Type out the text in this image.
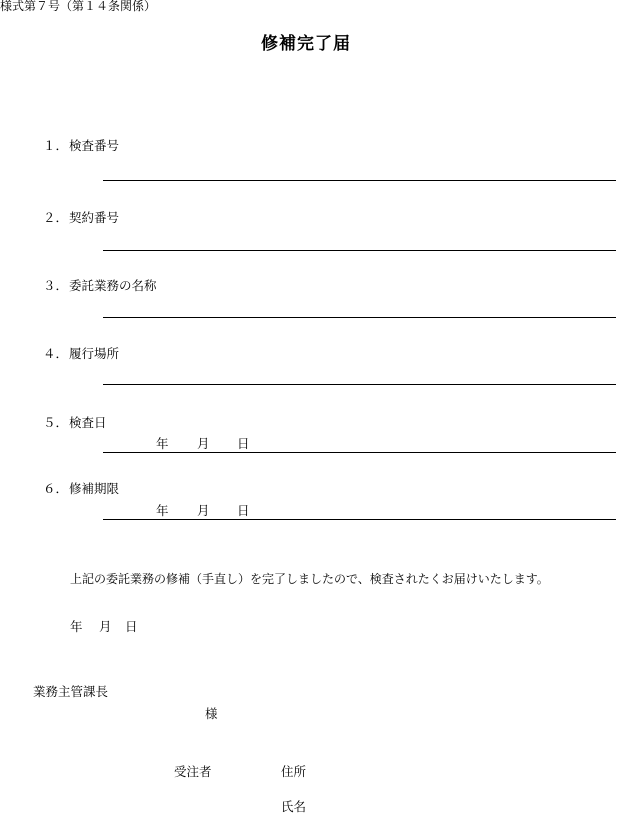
様式第７号（第１４条関係）
修補完了届
１．検査番号
２．契約番号
３．委託業務の名称
４．履行場所
５．検査日
年 月 日
６．修補期限
年 月 日
上記の委託業務の修補（手直し）を完了しましたので、検査されたくお届けいたします。
年 月 日
業務主管課長
様
受注者	住所
氏名
